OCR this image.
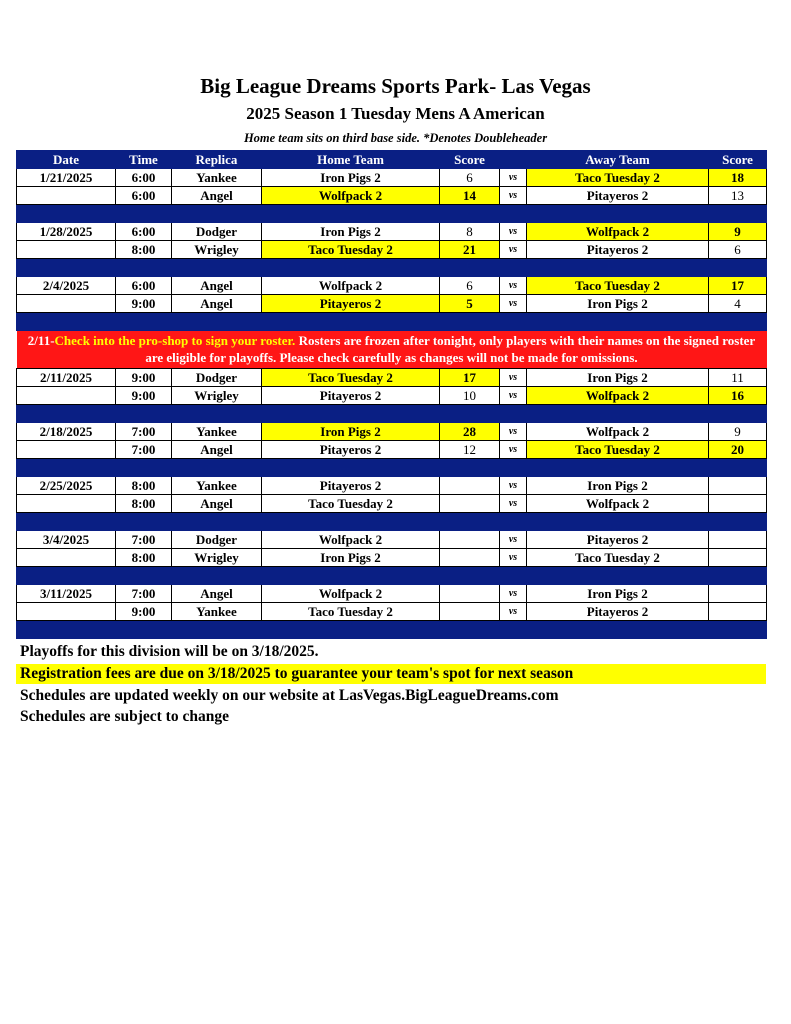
Big League Dreams Sports Park- Las Vegas
2025 Season 1 Tuesday Mens A American
Home team sits on third base side. *Denotes Doubleheader
Date	Time	Replica	Home Team	Score		Away Team	Score
1/21/2025	6:00	Yankee	Iron Pigs 2	6	vs	Taco Tuesday 2	18
	6:00	Angel	Wolfpack 2	14	vs	Pitayeros 2	13

1/28/2025	6:00	Dodger	Iron Pigs 2	8	vs	Wolfpack 2	9
	8:00	Wrigley	Taco Tuesday 2	21	vs	Pitayeros 2	6

2/4/2025	6:00	Angel	Wolfpack 2	6	vs	Taco Tuesday 2	17
	9:00	Angel	Pitayeros 2	5	vs	Iron Pigs 2	4

2/11-Check into the pro-shop to sign your roster. Rosters are frozen after tonight, only players with their names on the signed roster are eligible for playoffs. Please check carefully as changes will not be made for omissions.							
2/11/2025	9:00	Dodger	Taco Tuesday 2	17	vs	Iron Pigs 2	11
	9:00	Wrigley	Pitayeros 2	10	vs	Wolfpack 2	16

2/18/2025	7:00	Yankee	Iron Pigs 2	28	vs	Wolfpack 2	9
	7:00	Angel	Pitayeros 2	12	vs	Taco Tuesday 2	20

2/25/2025	8:00	Yankee	Pitayeros 2		vs	Iron Pigs 2	
	8:00	Angel	Taco Tuesday 2		vs	Wolfpack 2	

3/4/2025	7:00	Dodger	Wolfpack 2		vs	Pitayeros 2	
	8:00	Wrigley	Iron Pigs 2		vs	Taco Tuesday 2	

3/11/2025	7:00	Angel	Wolfpack 2		vs	Iron Pigs 2	
	9:00	Yankee	Taco Tuesday 2		vs	Pitayeros 2	

Playoffs for this division will be on 3/18/2025.
Registration fees are due on 3/18/2025 to guarantee your team's spot for next season
Schedules are updated weekly on our website at LasVegas.BigLeagueDreams.com
Schedules are subject to change
